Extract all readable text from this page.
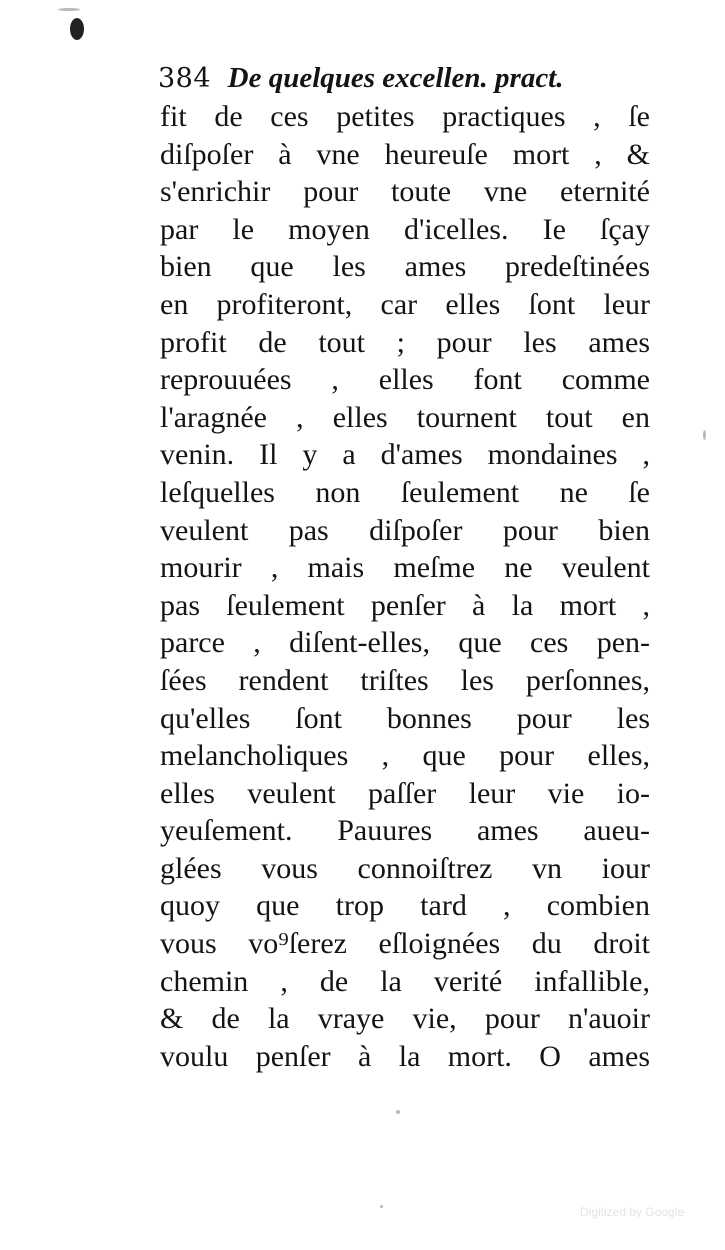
384 De quelques excellen. pract.
fit de ces petites practiques , ſe
diſpoſer à vne heureuſe mort , &
s'enrichir pour toute vne eternité
par le moyen d'icelles. Ie ſçay
bien que les ames predeſtinées
en profiteront, car elles ſont leur
profit de tout ; pour les ames
reprouuées , elles font comme
l'aragnée , elles tournent tout en
venin. Il y a d'ames mondaines ,
leſquelles non ſeulement ne ſe
veulent pas diſpoſer pour bien
mourir , mais meſme ne veulent
pas ſeulement penſer à la mort ,
parce , diſent-elles, que ces pen-
ſées rendent triſtes les perſonnes,
qu'elles ſont bonnes pour les
melancholiques , que pour elles,
elles veulent paſſer leur vie io-
yeuſement. Pauures ames aueu-
glées vous connoiſtrez vn iour
quoy que trop tard , combien
vous vo⁹ſerez eſloignées du droit
chemin , de la verité infallible,
& de la vraye vie, pour n'auoir
voulu penſer à la mort. O ames
Digitized by Google
